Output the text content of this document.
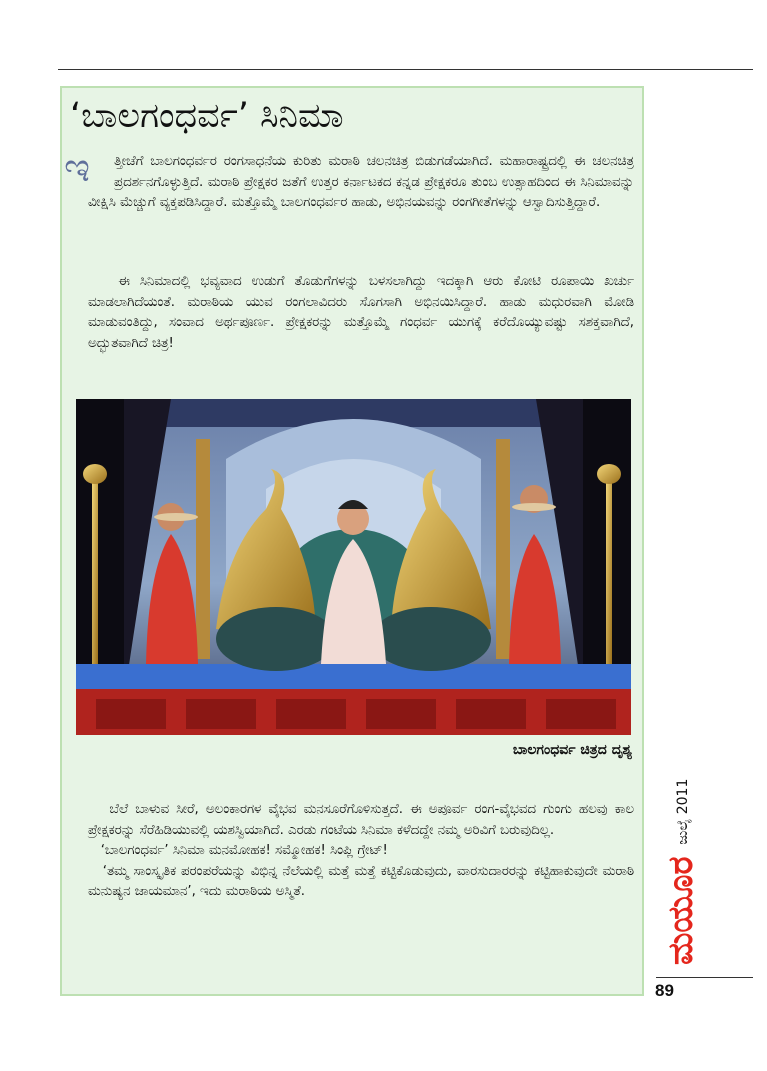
‘ಬಾಲಗಂಧರ್ವ’ ಸಿನಿಮಾ
ಇ	ತ್ತೀಚೆಗೆ ಬಾಲಗಂಧರ್ವರ ರಂಗಸಾಧನೆಯ ಕುರಿತು ಮರಾಠಿ ಚಲನಚಿತ್ರ ಬಿಡುಗಡೆಯಾಗಿದೆ. ಮಹಾರಾಷ್ಟ್ರದಲ್ಲಿ ಈ ಚಲನಚಿತ್ರ ಪ್ರದರ್ಶನಗೊಳ್ಳುತ್ತಿದೆ. ಮರಾಠಿ ಪ್ರೇಕ್ಷಕರ ಜತೆಗೆ ಉತ್ತರ ಕರ್ನಾಟಕದ ಕನ್ನಡ ಪ್ರೇಕ್ಷಕರೂ ತುಂಬ ಉತ್ಸಾಹದಿಂದ ಈ ಸಿನಿಮಾವನ್ನು ವೀಕ್ಷಿಸಿ ಮೆಚ್ಚುಗೆ ವ್ಯಕ್ತಪಡಿಸಿದ್ದಾರೆ. ಮತ್ತೊಮ್ಮೆ ಬಾಲಗಂಧರ್ವರ ಹಾಡು, ಅಭಿನಯವನ್ನು ರಂಗಗೀತೆಗಳನ್ನು ಆಸ್ವಾದಿಸುತ್ತಿದ್ದಾರೆ.

ಈ ಸಿನಿಮಾದಲ್ಲಿ ಭವ್ಯವಾದ ಉಡುಗೆ ತೊಡುಗೆಗಳನ್ನು ಬಳಸಲಾಗಿದ್ದು ಇದಕ್ಕಾಗಿ ಆರು ಕೋಟಿ ರೂಪಾಯಿ ಖರ್ಚು ಮಾಡಲಾಗಿದೆಯಂತೆ. ಮರಾಠಿಯ ಯುವ ರಂಗಲಾವಿದರು ಸೊಗಸಾಗಿ ಅಭಿನಯಿಸಿದ್ದಾರೆ. ಹಾಡು ಮಧುರವಾಗಿ ಮೋಡಿ ಮಾಡುವಂತಿದ್ದು, ಸಂವಾದ ಅರ್ಥಪೂರ್ಣ. ಪ್ರೇಕ್ಷಕರನ್ನು ಮತ್ತೊಮ್ಮೆ ಗಂಧರ್ವ ಯುಗಕ್ಕೆ ಕರೆದೊಯ್ಯುವಷ್ಟು ಸಶಕ್ತವಾಗಿದೆ, ಅದ್ಭುತವಾಗಿದೆ ಚಿತ್ರ!

ಬಾಲಗಂಧರ್ವ ಚಿತ್ರದ ದೃಶ್ಯ

ಬೆಲೆ ಬಾಳುವ ಸೀರೆ, ಅಲಂಕಾರಗಳ ವೈಭವ ಮನಸೂರೆಗೊಳಿಸುತ್ತದೆ. ಈ ಅಪೂರ್ವ ರಂಗ-ವೈಭವದ ಗುಂಗು ಹಲವು ಕಾಲ ಪ್ರೇಕ್ಷಕರನ್ನು ಸೆರೆಹಿಡಿಯುವಲ್ಲಿ ಯಶಸ್ವಿಯಾಗಿದೆ. ಎರಡು ಗಂಟೆಯ ಸಿನಿಮಾ ಕಳೆದದ್ದೇ ನಮ್ಮ ಅರಿವಿಗೆ ಬರುವುದಿಲ್ಲ.
‘ಬಾಲಗಂಧರ್ವ’ ಸಿನಿಮಾ ಮನಮೋಹಕ! ಸಮ್ಮೋಹಕ! ಸಿಂಪ್ಲಿ ಗ್ರೇಟ್!
‘ತಮ್ಮ ಸಾಂಸ್ಕೃತಿಕ ಪರಂಪರೆಯನ್ನು ವಿಭಿನ್ನ ನೆಲೆಯಲ್ಲಿ ಮತ್ತೆ ಮತ್ತೆ ಕಟ್ಟಿಕೊಡುವುದು, ವಾರಸುದಾರರನ್ನು ಕಟ್ಟಿಹಾಕುವುದೇ ಮರಾಠಿ ಮನುಷ್ಯನ ಜಾಯಮಾನ’, ಇದು ಮರಾಠಿಯ ಅಸ್ಮಿತೆ.	ಮಯೂರ
ಜುಲೈ 2011
89
